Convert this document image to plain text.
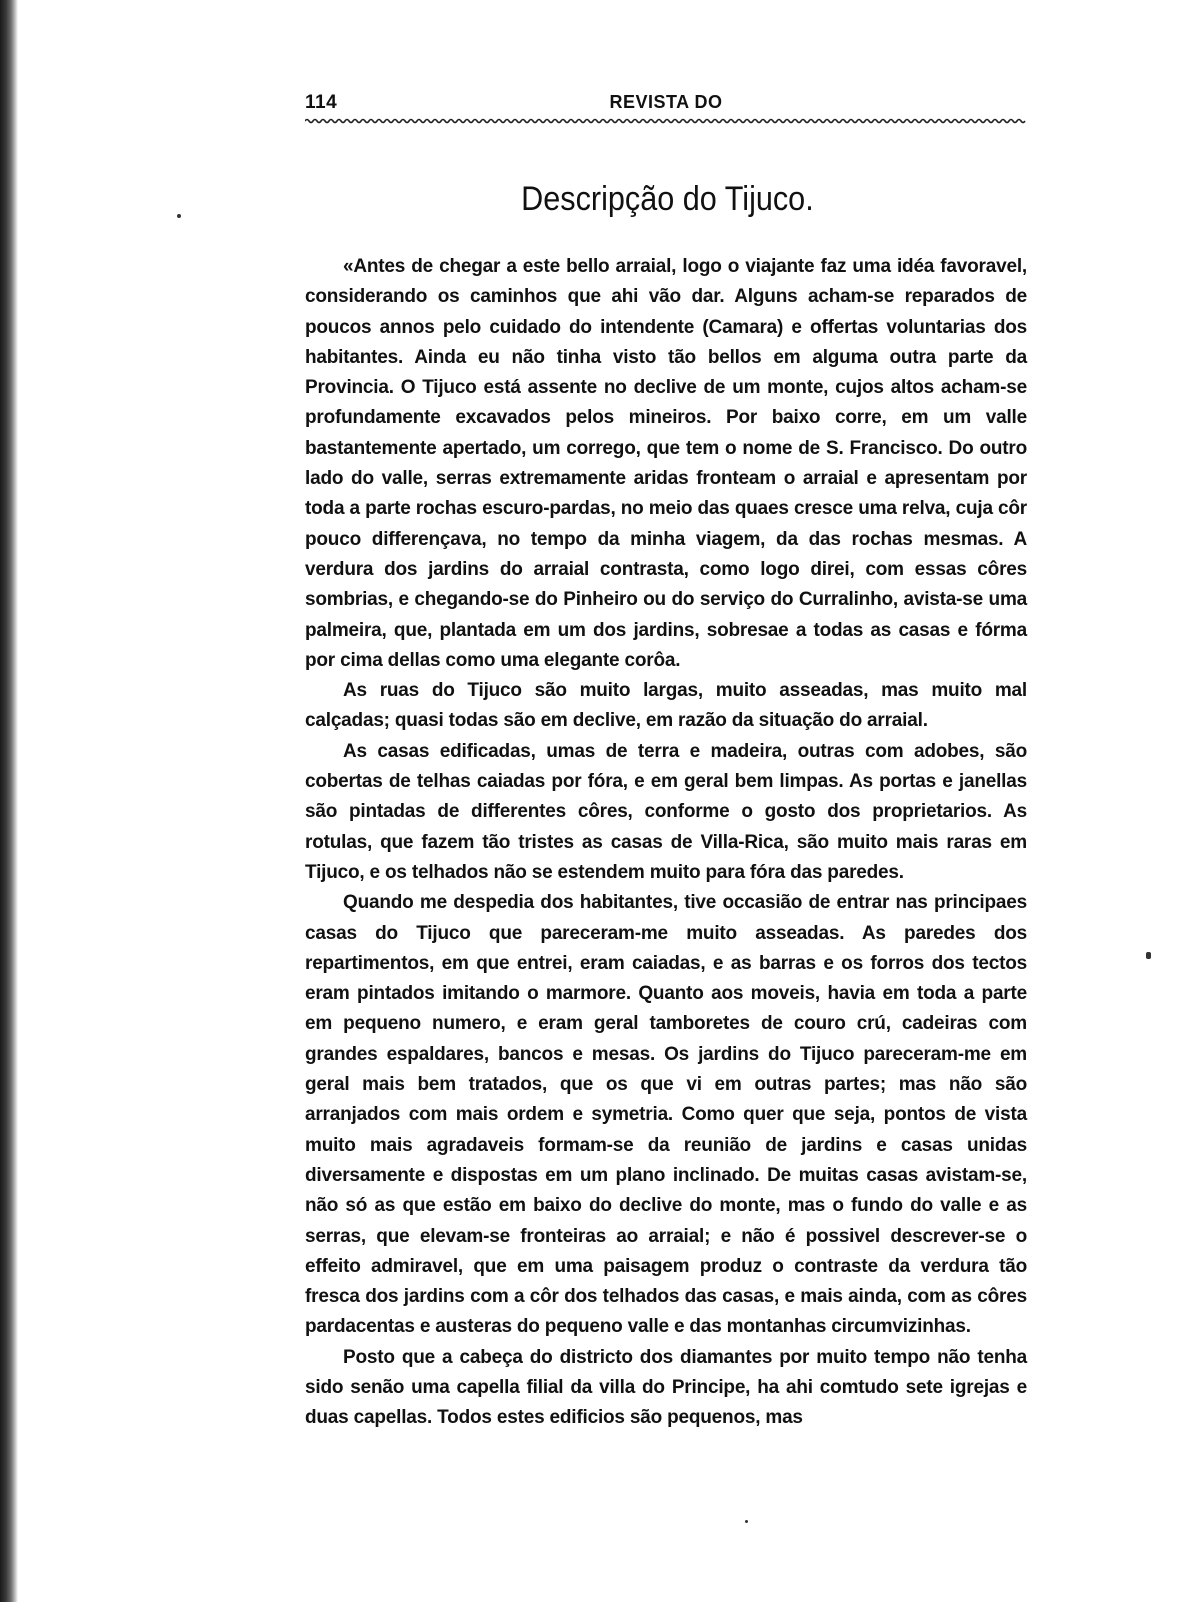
114	REVISTA DO
Descripção do Tijuco.

«Antes de chegar a este bello arraial, logo o viajante faz uma idéa favoravel, considerando os caminhos que ahi vão dar. Alguns acham-se reparados de poucos annos pelo cuidado do intendente (Camara) e offertas voluntarias dos habitantes. Ainda eu não tinha visto tão bellos em alguma outra parte da Provincia. O Tijuco está assente no declive de um monte, cujos altos acham-se profundamente excavados pelos mineiros. Por baixo corre, em um valle bastantemente apertado, um corrego, que tem o nome de S. Francisco. Do outro lado do valle, serras extremamente aridas fronteam o arraial e apresentam por toda a parte rochas escuro-pardas, no meio das quaes cresce uma relva, cuja côr pouco differençava, no tempo da minha viagem, da das rochas mesmas. A verdura dos jardins do arraial contrasta, como logo direi, com essas côres sombrias, e chegando-se do Pinheiro ou do serviço do Curralinho, avista-se uma palmeira, que, plantada em um dos jardins, sobresae a todas as casas e fórma por cima dellas como uma elegante corôa.

As ruas do Tijuco são muito largas, muito asseadas, mas muito mal calçadas; quasi todas são em declive, em razão da situação do arraial.

As casas edificadas, umas de terra e madeira, outras com adobes, são cobertas de telhas caiadas por fóra, e em geral bem limpas. As portas e janellas são pintadas de differentes côres, conforme o gosto dos proprietarios. As rotulas, que fazem tão tristes as casas de Villa-Rica, são muito mais raras em Tijuco, e os telhados não se estendem muito para fóra das paredes.

Quando me despedia dos habitantes, tive occasião de entrar nas principaes casas do Tijuco que pareceram-me muito asseadas. As paredes dos repartimentos, em que entrei, eram caiadas, e as barras e os forros dos tectos eram pintados imitando o marmore. Quanto aos moveis, havia em toda a parte em pequeno numero, e eram geral tamboretes de couro crú, cadeiras com grandes espaldares, bancos e mesas. Os jardins do Tijuco pareceram-me em geral mais bem tratados, que os que vi em outras partes; mas não são arranjados com mais ordem e symetria. Como quer que seja, pontos de vista muito mais agradaveis formam-se da reunião de jardins e casas unidas diversamente e dispostas em um plano inclinado. De muitas casas avistam-se, não só as que estão em baixo do declive do monte, mas o fundo do valle e as serras, que elevam-se fronteiras ao arraial; e não é possivel descrever-se o effeito admiravel, que em uma paisagem produz o contraste da verdura tão fresca dos jardins com a côr dos telhados das casas, e mais ainda, com as côres pardacentas e austeras do pequeno valle e das montanhas circumvizinhas.

Posto que a cabeça do districto dos diamantes por muito tempo não tenha sido senão uma capella filial da villa do Principe, ha ahi comtudo sete igrejas e duas capellas. Todos estes edificios são pequenos, mas
